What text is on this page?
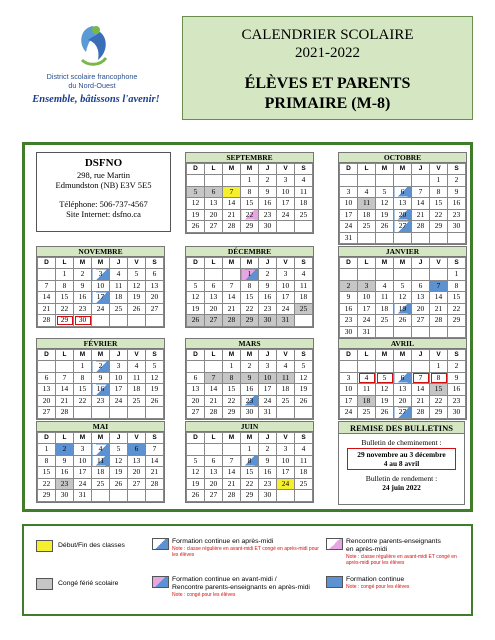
District scolaire francophone
du Nord-Ouest
Ensemble, bâtissons l'avenir!
CALENDRIER SCOLAIRE
2021-2022
ÉLÈVES ET PARENTS
PRIMAIRE (M-8)
DSFNO
298, rue Martin
Edmundston (NB) E3V 5E5
Téléphone: 506-737-4567
Site Internet: dsfno.ca
SEPTEMBRE
D	L	M	M	J	V	S
			1	2	3	4
5	6	7	8	9	10	11
12	13	14	15	16	17	18
19	20	21	22	23	24	25
26	27	28	29	30		
OCTOBRE
D	L	M	M	J	V	S
					1	2
3	4	5	6	7	8	9
10	11	12	13	14	15	16
17	18	19	20	21	22	23
24	25	26	27	28	29	30
31						
NOVEMBRE
D	L	M	M	J	V	S
	1	2	3	4	5	6
7	8	9	10	11	12	13
14	15	16	17	18	19	20
21	22	23	24	25	26	27
28	29	30				
DÉCEMBRE
D	L	M	M	J	V	S
			1	2	3	4
5	6	7	8	9	10	11
12	13	14	15	16	17	18
19	20	21	22	23	24	25
26	27	28	29	30	31	
JANVIER
D	L	M	M	J	V	S
						1
2	3	4	5	6	7	8
9	10	11	12	13	14	15
16	17	18	19	20	21	22
23	24	25	26	27	28	29
30	31					
FÉVRIER
D	L	M	M	J	V	S
		1	2	3	4	5
6	7	8	9	10	11	12
13	14	15	16	17	18	19
20	21	22	23	24	25	26
27	28					
MARS
D	L	M	M	J	V	S
		1	2	3	4	5
6	7	8	9	10	11	12
13	14	15	16	17	18	19
20	21	22	23	24	25	26
27	28	29	30	31		
AVRIL
D	L	M	M	J	V	S
					1	2
3	4	5	6	7	8	9
10	11	12	13	14	15	16
17	18	19	20	21	22	23
24	25	26	27	28	29	30
MAI
D	L	M	M	J	V	S
1	2	3	4	5	6	7
8	9	10	11	12	13	14
15	16	17	18	19	20	21
22	23	24	25	26	27	28
29	30	31				
JUIN
D	L	M	M	J	V	S
			1	2	3	4
5	6	7	8	9	10	11
12	13	14	15	16	17	18
19	20	21	22	23	24	25
26	27	28	29	30		
REMISE DES BULLETINS
Bulletin de cheminement :
29 novembre au 3 décembre
4 au 8 avril
Bulletin de rendement :
24 juin 2022
Début/Fin des classes
Congé férié scolaire
Formation continue en après-midi
Note : classe régulière en avant-midi ET congé en après-midi pour les élèves
Formation continue en avant-midi /
Rencontre parents-enseignants en après-midi
Note : congé pour les élèves
Rencontre parents-enseignants
en après-midi
Note : classe régulière en avant-midi ET congé en après-midi pour les élèves
Formation continue
Note : congé pour les élèves
